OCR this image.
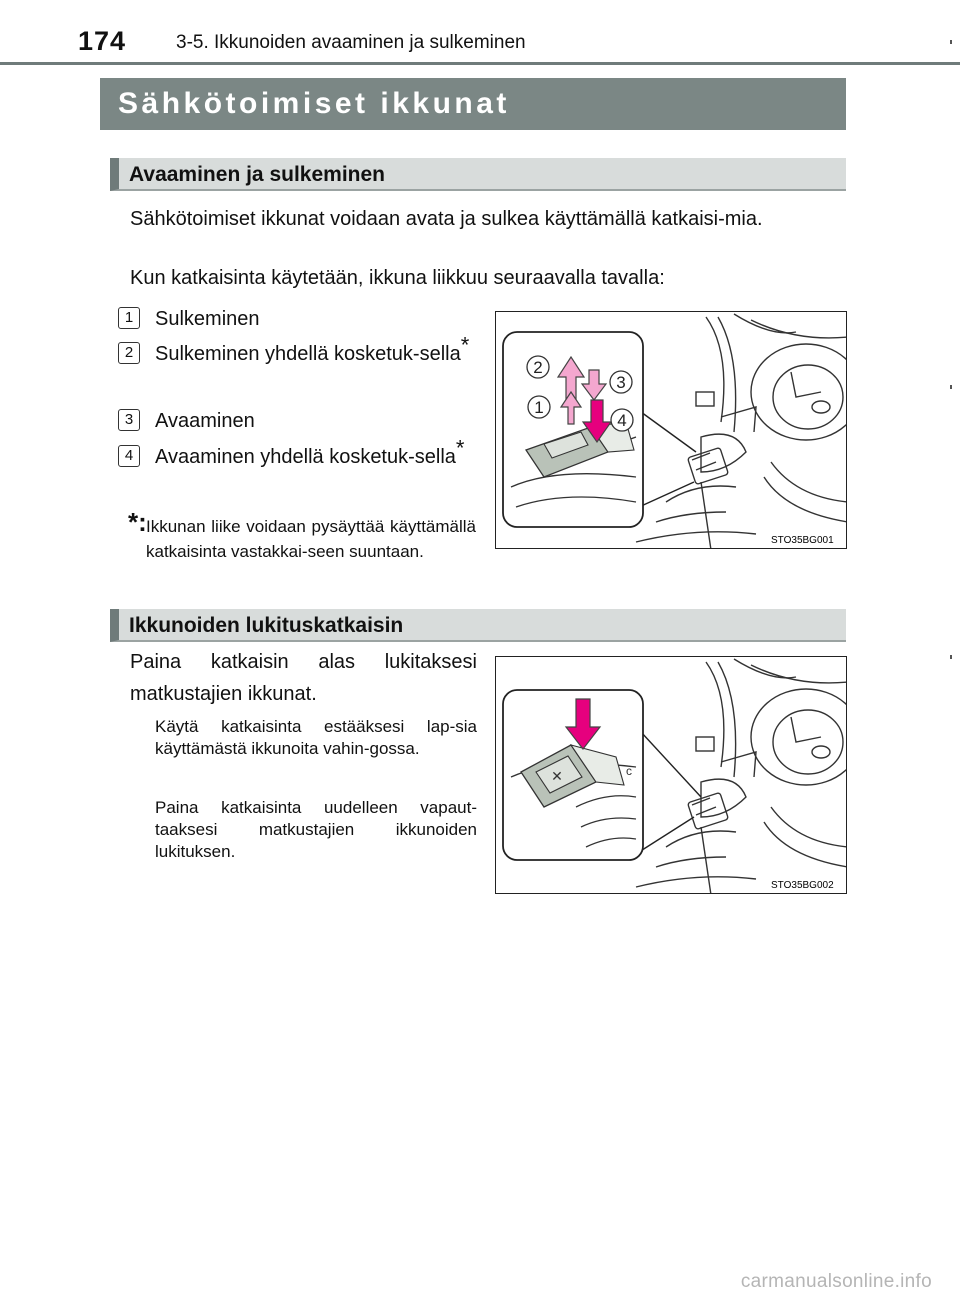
174	3-5. Ikkunoiden avaaminen ja sulkeminen
Sähkötoimiset ikkunat
Avaaminen ja sulkeminen
Sähkötoimiset ikkunat voidaan avata ja sulkea käyttämällä katkaisi-mia.
Kun katkaisinta käytetään, ikkuna liikkuu seuraavalla tavalla:
1	Sulkeminen
2	Sulkeminen yhdellä kosketuk-sella*
3	Avaaminen
4	Avaaminen yhdellä kosketuk-sella*
*: Ikkunan liike voidaan pysäyttää käyttämällä katkaisinta vastakkai-seen suuntaan.
2
3
1
4
STO35BG001
Ikkunoiden lukituskatkaisin
Paina katkaisin alas lukitaksesi matkustajien ikkunat.
Käytä katkaisinta estääksesi lap-sia käyttämästä ikkunoita vahin-gossa.
Paina katkaisinta uudelleen vapaut-taaksesi matkustajien ikkunoiden lukituksen.
✕	c
STO35BG002
carmanualsonline.info
